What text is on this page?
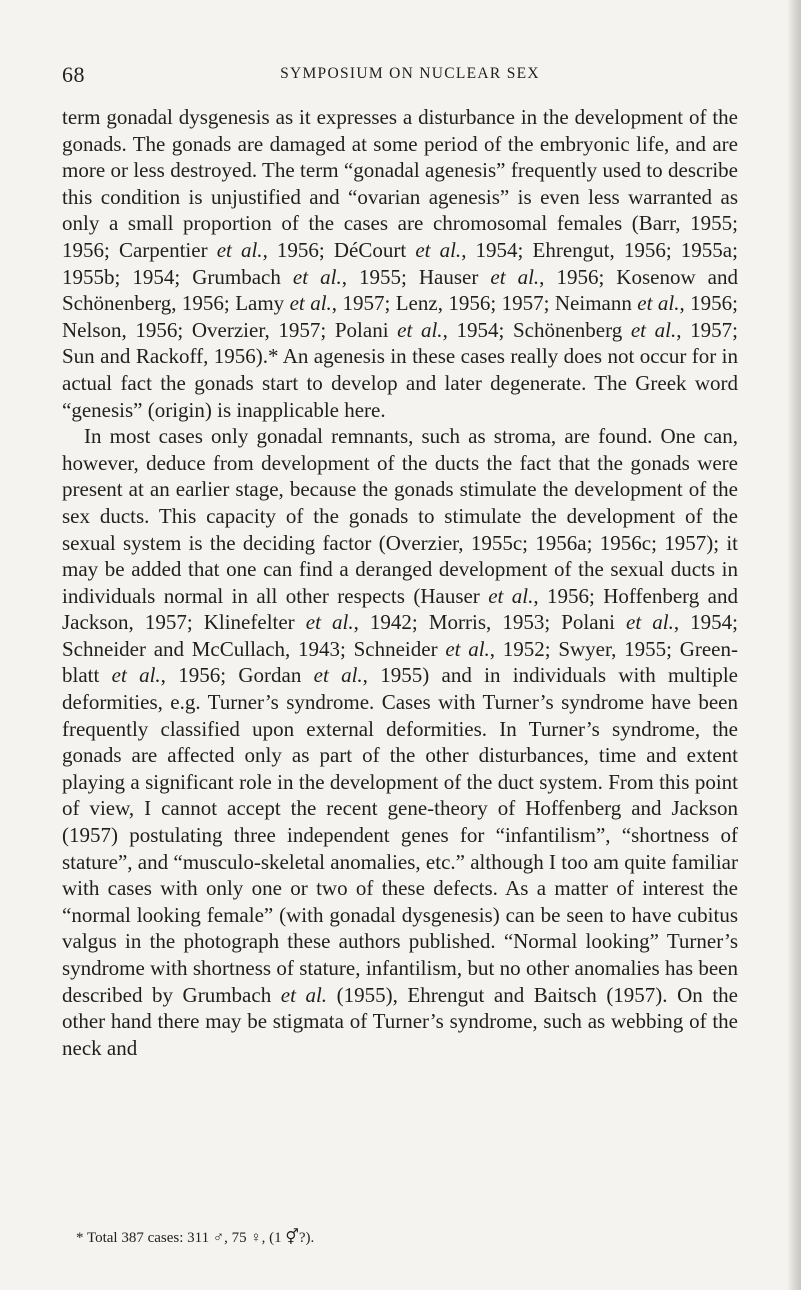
68	SYMPOSIUM ON NUCLEAR SEX

term gonadal dysgenesis as it expresses a disturbance in the development of the gonads. The gonads are damaged at some period of the embryonic life, and are more or less destroyed. The term “gonadal agenesis” frequently used to describe this condition is unjustified and “ovarian agenesis” is even less warranted as only a small proportion of the cases are chromosomal females (Barr, 1955; 1956; Carpentier et al., 1956; DéCourt et al., 1954; Ehrengut, 1956; 1955a; 1955b; 1954; Grumbach et al., 1955; Hauser et al., 1956; Kosenow and Schönenberg, 1956; Lamy et al., 1957; Lenz, 1956; 1957; Neimann et al., 1956; Nelson, 1956; Overzier, 1957; Polani et al., 1954; Schönenberg et al., 1957; Sun and Rackoff, 1956).* An agenesis in these cases really does not occur for in actual fact the gonads start to develop and later degenerate. The Greek word “genesis” (origin) is inapplicable here.

In most cases only gonadal remnants, such as stroma, are found. One can, however, deduce from development of the ducts the fact that the gonads were present at an earlier stage, because the gonads stimulate the development of the sex ducts. This capacity of the gonads to stimulate the development of the sexual system is the deciding factor (Overzier, 1955c; 1956a; 1956c; 1957); it may be added that one can find a deranged development of the sexual ducts in individuals normal in all other respects (Hauser et al., 1956; Hoffenberg and Jackson, 1957; Klinefelter et al., 1942; Morris, 1953; Polani et al., 1954; Schneider and McCullach, 1943; Schneider et al., 1952; Swyer, 1955; Greenblatt et al., 1956; Gordan et al., 1955) and in individuals with multiple deformities, e.g. Turner’s syndrome. Cases with Turner’s syndrome have been frequently classified upon external deformities. In Turner’s syndrome, the gonads are affected only as part of the other disturbances, time and extent playing a significant role in the development of the duct system. From this point of view, I cannot accept the recent gene-theory of Hoffenberg and Jackson (1957) postulating three independent genes for “infantilism”, “shortness of stature”, and “musculo-skeletal anomalies, etc.” although I too am quite familiar with cases with only one or two of these defects. As a matter of interest the “normal looking female” (with gonadal dysgenesis) can be seen to have cubitus valgus in the photograph these authors published. “Normal looking” Turner’s syndrome with shortness of stature, infantilism, but no other anomalies has been described by Grumbach et al. (1955), Ehrengut and Baitsch (1957). On the other hand there may be stigmata of Turner’s syndrome, such as webbing of the neck and

* Total 387 cases: 311 ♂, 75 ♀, (1 ⚥?).
